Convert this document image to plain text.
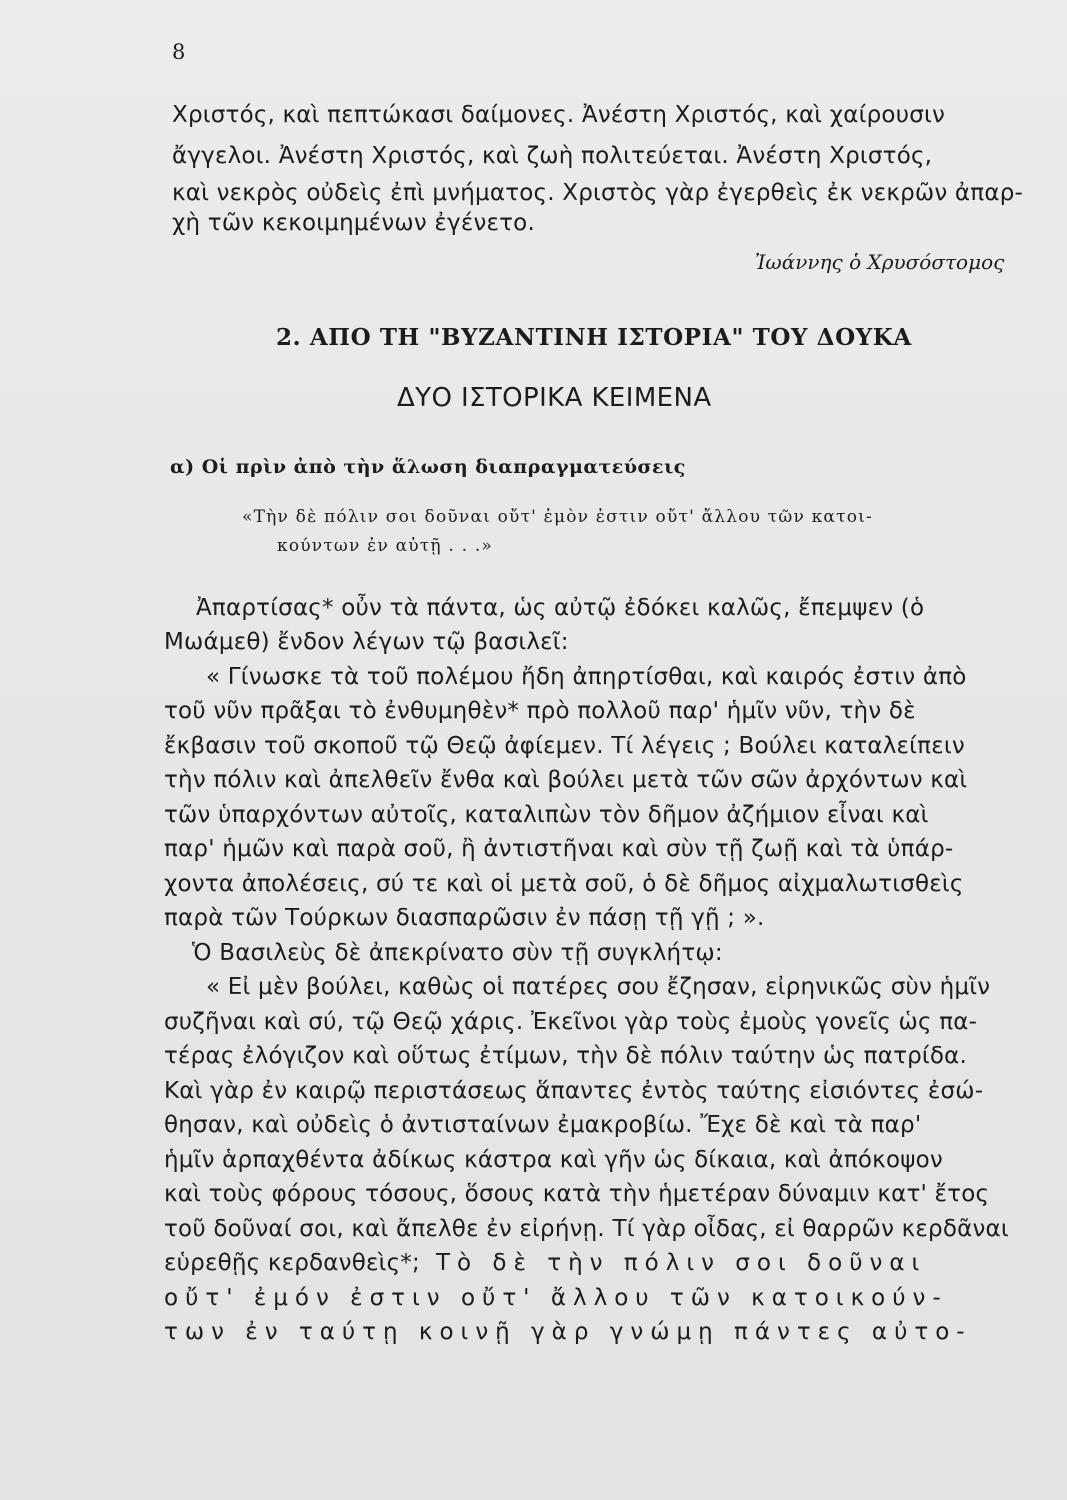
8
Χριστός, καὶ πεπτώκασι δαίμονες. Ἀνέστη Χριστός, καὶ χαίρουσιν
ἄγγελοι. Ἀνέστη Χριστός, καὶ ζωὴ πολιτεύεται. Ἀνέστη Χριστός,
καὶ νεκρὸς οὐδεὶς ἐπὶ μνήματος. Χριστὸς γὰρ ἐγερθεὶς ἐκ νεκρῶν ἀπαρ-
χὴ τῶν κεκοιμημένων ἐγένετο.
Ἰωάννης ὁ Χρυσόστομος
2. ΑΠΟ ΤΗ "ΒΥΖΑΝΤΙΝΗ ΙΣΤΟΡΙΑ" ΤΟΥ ΔΟΥΚΑ
ΔΥΟ ΙΣΤΟΡΙΚΑ ΚΕΙΜΕΝΑ
α) Οἱ πρὶν ἀπὸ τὴν ἅλωση διαπραγματεύσεις
«Τὴν δὲ πόλιν σοι δοῦναι οὔτ' ἐμὸν ἐστιν οὔτ' ἄλλου τῶν κατοι-
κούντων ἐν αὐτῇ . . .»
Ἀπαρτίσας* οὖν τὰ πάντα, ὡς αὐτῷ ἐδόκει καλῶς, ἔπεμψεν (ὁ
Μωάμεθ) ἔνδον λέγων τῷ βασιλεῖ:
« Γίνωσκε τὰ τοῦ πολέμου ἤδη ἀπηρτίσθαι, καὶ καιρός ἐστιν ἀπὸ
τοῦ νῦν πρᾶξαι τὸ ἐνθυμηθὲν* πρὸ πολλοῦ παρ' ἡμῖν νῦν, τὴν δὲ
ἔκβασιν τοῦ σκοποῦ τῷ Θεῷ ἀφίεμεν. Τί λέγεις ; Βούλει καταλείπειν
τὴν πόλιν καὶ ἀπελθεῖν ἔνθα καὶ βούλει μετὰ τῶν σῶν ἀρχόντων καὶ
τῶν ὑπαρχόντων αὐτοῖς, καταλιπὼν τὸν δῆμον ἀζήμιον εἶναι καὶ
παρ' ἡμῶν καὶ παρὰ σοῦ, ἢ ἀντιστῆναι καὶ σὺν τῇ ζωῇ καὶ τὰ ὑπάρ-
χοντα ἀπολέσεις, σύ τε καὶ οἱ μετὰ σοῦ, ὁ δὲ δῆμος αἰχμαλωτισθεὶς
παρὰ τῶν Τούρκων διασπαρῶσιν ἐν πάσῃ τῇ γῇ ; ».
Ὁ Βασιλεὺς δὲ ἀπεκρίνατο σὺν τῇ συγκλήτῳ:
« Εἰ μὲν βούλει, καθὼς οἱ πατέρες σου ἔζησαν, εἰρηνικῶς σὺν ἡμῖν
συζῆναι καὶ σύ, τῷ Θεῷ χάρις. Ἐκεῖνοι γὰρ τοὺς ἐμοὺς γονεῖς ὡς πα-
τέρας ἐλόγιζον καὶ οὕτως ἐτίμων, τὴν δὲ πόλιν ταύτην ὡς πατρίδα.
Καὶ γὰρ ἐν καιρῷ περιστάσεως ἅπαντες ἐντὸς ταύτης εἰσιόντες ἐσώ-
θησαν, καὶ οὐδεὶς ὁ ἀντισταίνων ἐμακροβίω. Ἔχε δὲ καὶ τὰ παρ'
ἡμῖν ἁρπαχθέντα ἀδίκως κάστρα καὶ γῆν ὡς δίκαια, καὶ ἀπόκοψον
καὶ τοὺς φόρους τόσους, ὅσους κατὰ τὴν ἡμετέραν δύναμιν κατ' ἔτος
τοῦ δοῦναί σοι, καὶ ἄπελθε ἐν εἰρήνῃ. Τί γὰρ οἶδας, εἰ θαρρῶν κερδᾶναι
εὑρεθῇς κερδανθεὶς*; Τὸ δὲ τὴν πόλιν σοι δοῦναι
οὔτ' ἐμόν ἐστιν οὔτ' ἄλλου τῶν κατοικούν-
των ἐν ταύτῃ κοινῇ γὰρ γνώμῃ πάντες αὐτο-
